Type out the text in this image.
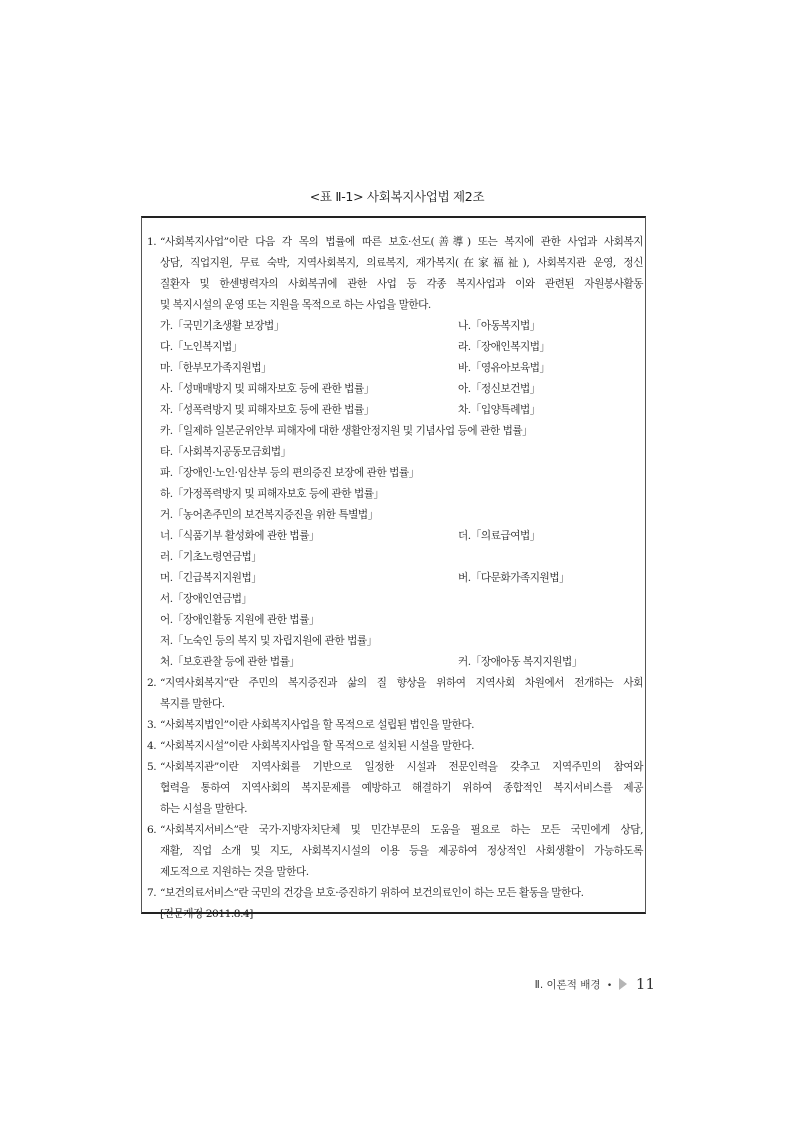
<표 Ⅱ-1> 사회복지사업법 제2조
1. “사회복지사업”이란 다음 각 목의 법률에 따른 보호·선도(善導) 또는 복지에 관한 사업과 사회복지
상담, 직업지원, 무료 숙박, 지역사회복지, 의료복지, 재가복지(在家福祉), 사회복지관 운영, 정신
질환자 및 한센병력자의 사회복귀에 관한 사업 등 각종 복지사업과 이와 관련된 자원봉사활동
및 복지시설의 운영 또는 지원을 목적으로 하는 사업을 말한다.
가.「국민기초생활 보장법」	나.「아동복지법」
다.「노인복지법」	라.「장애인복지법」
마.「한부모가족지원법」	바.「영유아보육법」
사.「성매매방지 및 피해자보호 등에 관한 법률」	아.「정신보건법」
자.「성폭력방지 및 피해자보호 등에 관한 법률」	차.「입양특례법」
카.「일제하 일본군위안부 피해자에 대한 생활안정지원 및 기념사업 등에 관한 법률」
타.「사회복지공동모금회법」
파.「장애인·노인·임산부 등의 편의증진 보장에 관한 법률」
하.「가정폭력방지 및 피해자보호 등에 관한 법률」
거.「농어촌주민의 보건복지증진을 위한 특별법」
너.「식품기부 활성화에 관한 법률」	더.「의료급여법」
러.「기초노령연금법」
머.「긴급복지지원법」	버.「다문화가족지원법」
서.「장애인연금법」
어.「장애인활동 지원에 관한 법률」
저.「노숙인 등의 복지 및 자립지원에 관한 법률」
처.「보호관찰 등에 관한 법률」	커.「장애아동 복지지원법」
2. “지역사회복지”란 주민의 복지증진과 삶의 질 향상을 위하여 지역사회 차원에서 전개하는 사회
복지를 말한다.
3. “사회복지법인”이란 사회복지사업을 할 목적으로 설립된 법인을 말한다.
4. “사회복지시설”이란 사회복지사업을 할 목적으로 설치된 시설을 말한다.
5. “사회복지관”이란 지역사회를 기반으로 일정한 시설과 전문인력을 갖추고 지역주민의 참여와
협력을 통하여 지역사회의 복지문제를 예방하고 해결하기 위하여 종합적인 복지서비스를 제공
하는 시설을 말한다.
6. “사회복지서비스”란 국가·지방자치단체 및 민간부문의 도움을 필요로 하는 모든 국민에게 상담,
재활, 직업 소개 및 지도, 사회복지시설의 이용 등을 제공하여 정상적인 사회생활이 가능하도록
제도적으로 지원하는 것을 말한다.
7. “보건의료서비스”란 국민의 건강을 보호·증진하기 위하여 보건의료인이 하는 모든 활동을 말한다.
[전문개정 2011.8.4]
Ⅱ. 이론적 배경 • 11
